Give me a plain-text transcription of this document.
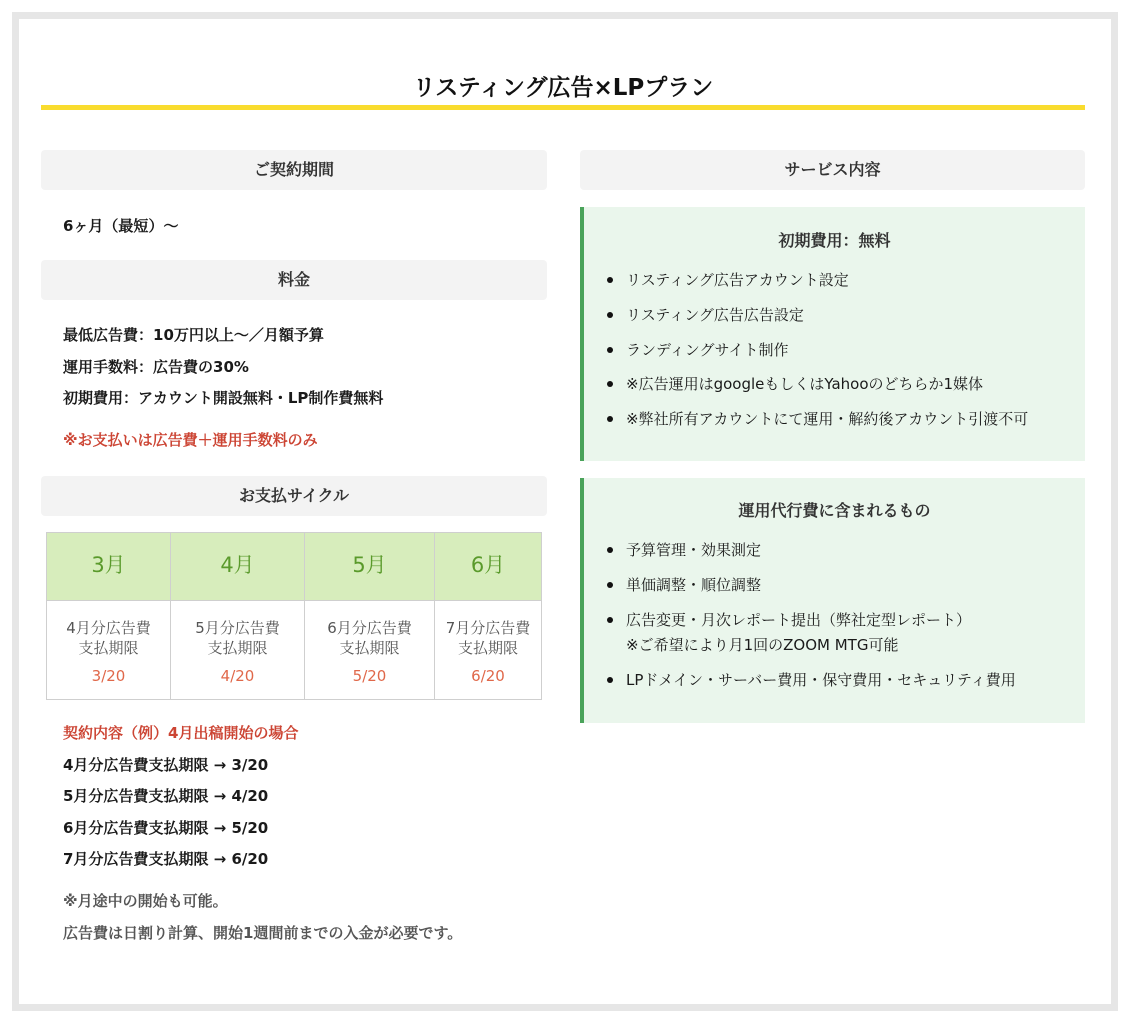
リスティング広告×LPプラン
ご契約期間
6ヶ月（最短）～
料金
最低広告費：10万円以上～／月額予算
運用手数料：広告費の30%
初期費用：アカウント開設無料・LP制作費無料
※お支払いは広告費＋運用手数料のみ
お支払サイクル
3月
4月分広告費
支払期限
3/20
4月
5月分広告費
支払期限
4/20
5月
6月分広告費
支払期限
5/20
6月
7月分広告費
支払期限
6/20
契約内容（例）4月出稿開始の場合
4月分広告費支払期限 → 3/20
5月分広告費支払期限 → 4/20
6月分広告費支払期限 → 5/20
7月分広告費支払期限 → 6/20
※月途中の開始も可能。
広告費は日割り計算、開始1週間前までの入金が必要です。
サービス内容
初期費用：無料
リスティング広告アカウント設定
リスティング広告広告設定
ランディングサイト制作
※広告運用はgoogleもしくはYahooのどちらか1媒体
※弊社所有アカウントにて運用・解約後アカウント引渡不可
運用代行費に含まれるもの
予算管理・効果測定
単価調整・順位調整
広告変更・月次レポート提出（弊社定型レポート）
※ご希望により月1回のZOOM MTG可能
LPドメイン・サーバー費用・保守費用・セキュリティ費用
